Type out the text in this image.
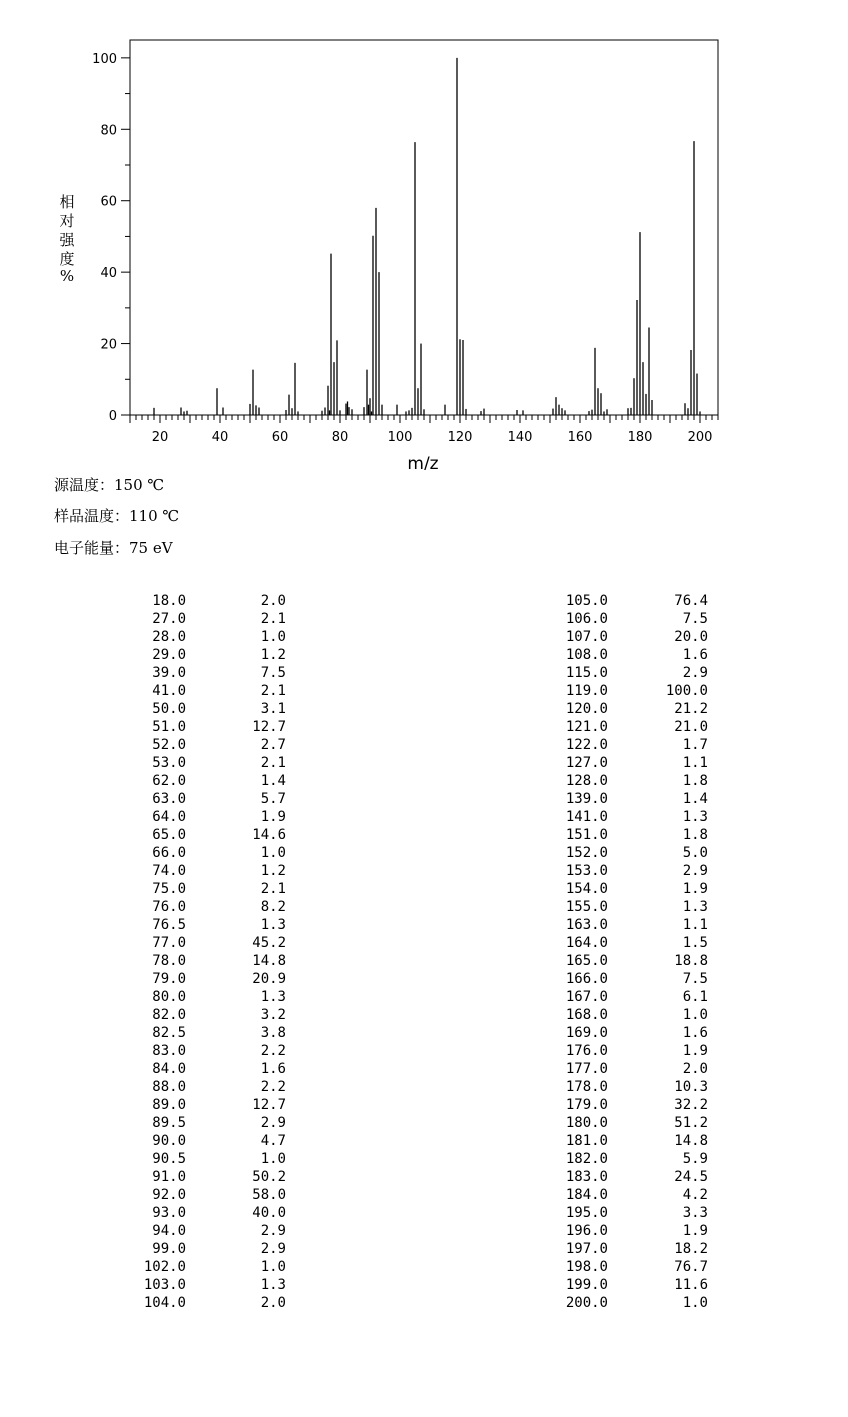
0
20
40
60
80
100
20	40	60	80	100	120	140	160	180	200
m/z
相对强度%
源温度：150 ℃
样品温度：110 ℃
电子能量：75 eV
18.0	2.0
27.0	2.1
28.0	1.0
29.0	1.2
39.0	7.5
41.0	2.1
50.0	3.1
51.0	12.7
52.0	2.7
53.0	2.1
62.0	1.4
63.0	5.7
64.0	1.9
65.0	14.6
66.0	1.0
74.0	1.2
75.0	2.1
76.0	8.2
76.5	1.3
77.0	45.2
78.0	14.8
79.0	20.9
80.0	1.3
82.0	3.2
82.5	3.8
83.0	2.2
84.0	1.6
88.0	2.2
89.0	12.7
89.5	2.9
90.0	4.7
90.5	1.0
91.0	50.2
92.0	58.0
93.0	40.0
94.0	2.9
99.0	2.9
102.0	1.0
103.0	1.3
104.0	2.0
105.0	76.4
106.0	7.5
107.0	20.0
108.0	1.6
115.0	2.9
119.0	100.0
120.0	21.2
121.0	21.0
122.0	1.7
127.0	1.1
128.0	1.8
139.0	1.4
141.0	1.3
151.0	1.8
152.0	5.0
153.0	2.9
154.0	1.9
155.0	1.3
163.0	1.1
164.0	1.5
165.0	18.8
166.0	7.5
167.0	6.1
168.0	1.0
169.0	1.6
176.0	1.9
177.0	2.0
178.0	10.3
179.0	32.2
180.0	51.2
181.0	14.8
182.0	5.9
183.0	24.5
184.0	4.2
195.0	3.3
196.0	1.9
197.0	18.2
198.0	76.7
199.0	11.6
200.0	1.0
